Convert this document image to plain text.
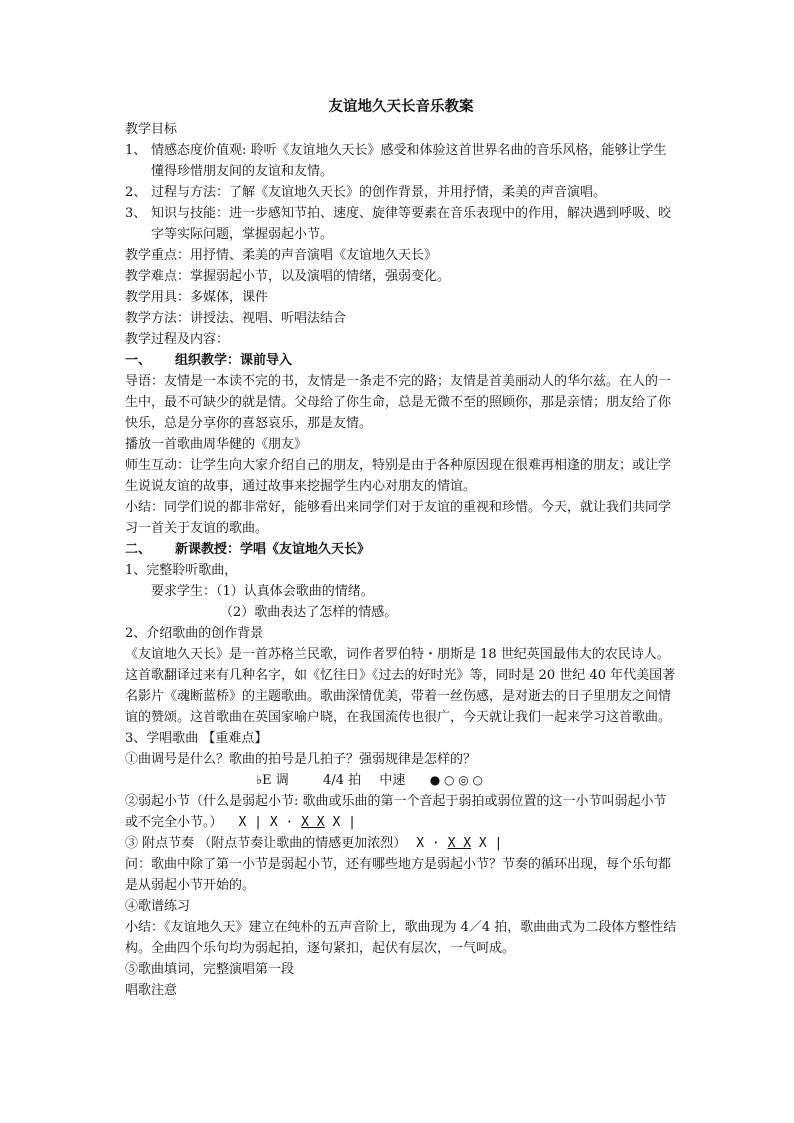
友谊地久天长音乐教案
教学目标
1、 情感态度价值观: 聆听《友谊地久天长》感受和体验这首世界名曲的音乐风格，能够让学生懂得珍惜朋友间的友谊和友情。
2、 过程与方法：了解《友谊地久天长》的创作背景，并用抒情，柔美的声音演唱。
3、 知识与技能：进一步感知节拍、速度、旋律等要素在音乐表现中的作用，解决遇到呼吸、咬字等实际问题，掌握弱起小节。
教学重点：用抒情、柔美的声音演唱《友谊地久天长》
教学难点：掌握弱起小节，以及演唱的情绪，强弱变化。
教学用具：多媒体，课件
教学方法：讲授法、视唱、听唱法结合
教学过程及内容：
一、	组织教学：课前导入
导语：友情是一本读不完的书，友情是一条走不完的路；友情是首美丽动人的华尔兹。在人的一生中，最不可缺少的就是情。父母给了你生命，总是无微不至的照顾你，那是亲情；朋友给了你快乐，总是分享你的喜怒哀乐，那是友情。
播放一首歌曲周华健的《朋友》
师生互动：让学生向大家介绍自己的朋友，特别是由于各种原因现在很难再相逢的朋友；或让学生说说友谊的故事，通过故事来挖掘学生内心对朋友的情谊。
小结：同学们说的都非常好，能够看出来同学们对于友谊的重视和珍惜。今天，就让我们共同学习一首关于友谊的歌曲。
二、	新课教授：学唱《友谊地久天长》
1、完整聆听歌曲，
要求学生：（1）认真体会歌曲的情绪。
（2）歌曲表达了怎样的情感。
2、介绍歌曲的创作背景
《友谊地久天长》是一首苏格兰民歌，词作者罗伯特・朋斯是 18 世纪英国最伟大的农民诗人。这首歌翻译过来有几种名字，如《忆往日》《过去的好时光》等，同时是 20 世纪 40 年代美国著名影片《魂断蓝桥》的主题歌曲。歌曲深情优美，带着一丝伤感，是对逝去的日子里朋友之间情谊的赞颂。这首歌曲在英国家喻户晓，在我国流传也很广，今天就让我们一起来学习这首歌曲。
3、学唱歌曲 【重难点】
①曲调号是什么？歌曲的拍号是几拍子？强弱规律是怎样的？
♭E 调	4/4 拍 中速 ● ○ ◎ ○
②弱起小节（什么是弱起小节: 歌曲或乐曲的第一个音起于弱拍或弱位置的这一小节叫弱起小节或不完全小节。） X | X · X X X |
③ 附点节奏 （附点节奏让歌曲的情感更加浓烈） X · X X X |
问：歌曲中除了第一小节是弱起小节，还有哪些地方是弱起小节？节奏的循环出现，每个乐句都是从弱起小节开始的。
④歌谱练习
小结：《友谊地久天》建立在纯朴的五声音阶上，歌曲现为 4／4 拍，歌曲曲式为二段体方整性结构。全曲四个乐句均为弱起拍，逐句紧扣，起伏有层次，一气呵成。
⑤歌曲填词，完整演唱第一段
唱歌注意
